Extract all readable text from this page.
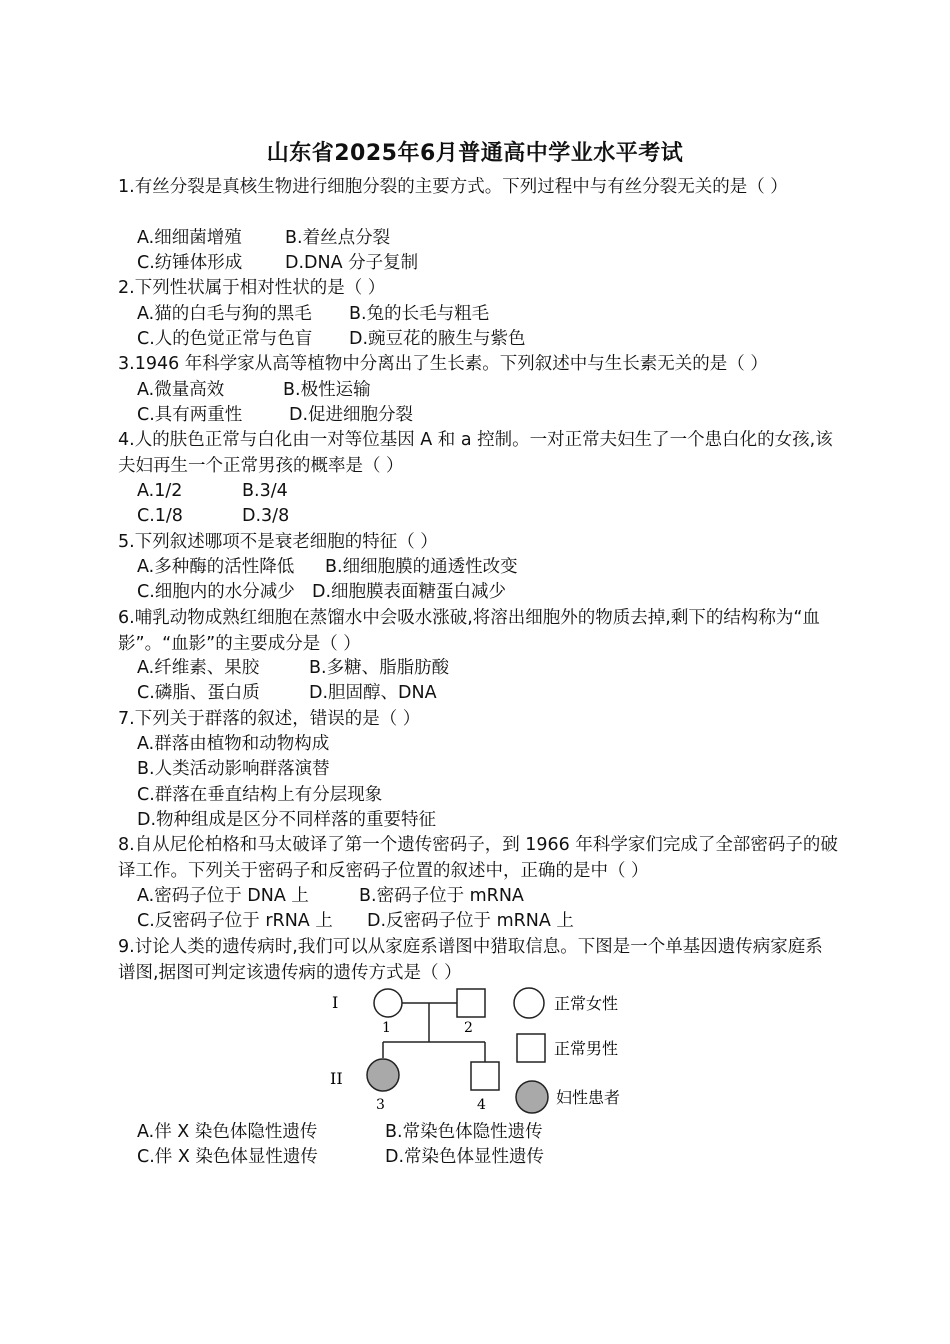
山东省2025年6月普通高中学业水平考试
1.有丝分裂是真核生物进行细胞分裂的主要方式。下列过程中与有丝分裂无关的是（ ）
A.细细菌增殖 B.着丝点分裂
C.纺锤体形成 D.DNA 分子复制
2.下列性状属于相对性状的是（ ）
A.猫的白毛与狗的黑毛 B.兔的长毛与粗毛
C.人的色觉正常与色盲 D.豌豆花的腋生与紫色
3.1946 年科学家从高等植物中分离出了生长素。下列叙述中与生长素无关的是（ ）
A.微量高效	B.极性运输
C.具有两重性	D.促进细胞分裂
4.人的肤色正常与白化由一对等位基因 A 和 a 控制。一对正常夫妇生了一个患白化的女孩,该夫妇再生一个正常男孩的概率是（ ）
A.1/2	B.3/4
C.1/8	D.3/8
5.下列叙述哪项不是衰老细胞的特征（ ）
A.多种酶的活性降低 B.细细胞膜的通透性改变
C.细胞内的水分减少 D.细胞膜表面糖蛋白减少
6.哺乳动物成熟红细胞在蒸馏水中会吸水涨破,将溶出细胞外的物质去掉,剩下的结构称为“血影”。“血影”的主要成分是（ ）
A.纤维素、果胶	B.多糖、脂脂肪酸
C.磷脂、蛋白质	D.胆固醇、DNA
7.下列关于群落的叙述，错误的是（ ）
A.群落由植物和动物构成
B.人类活动影响群落演替
C.群落在垂直结构上有分层现象
D.物种组成是区分不同样落的重要特征
8.自从尼伦柏格和马太破译了第一个遗传密码子，到 1966 年科学家们完成了全部密码子的破译工作。下列关于密码子和反密码子位置的叙述中，正确的是中（ ）
A.密码子位于 DNA 上	B.密码子位于 mRNA
C.反密码子位于 rRNA 上 D.反密码子位于 mRNA 上
9.讨论人类的遗传病时,我们可以从家庭系谱图中猎取信息。下图是一个单基因遗传病家庭系谱图,据图可判定该遗传病的遗传方式是（ ）
I
II
1	2
3	4
正常女性
正常男性
妇性患者
A.伴 X 染色体隐性遗传	B.常染色体隐性遗传
C.伴 X 染色体显性遗传	D.常染色体显性遗传
